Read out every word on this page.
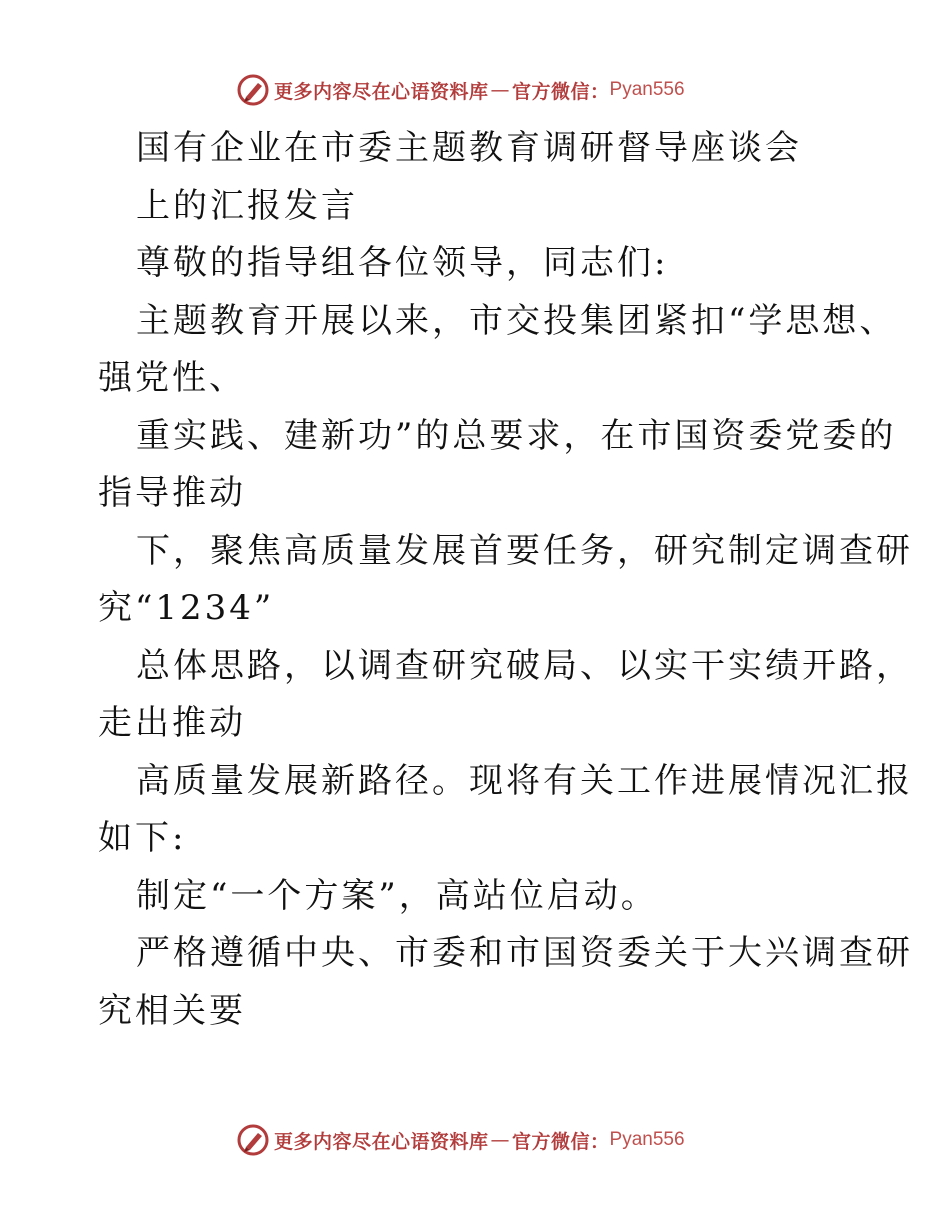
更多内容尽在心语资料库 — 官方微信： Pyan556
国有企业在市委主题教育调研督导座谈会
上的汇报发言
尊敬的指导组各位领导，同志们:
主题教育开展以来，市交投集团紧扣“学思想、
强党性、
重实践、建新功”的总要求，在市国资委党委的
指导推动
下，聚焦高质量发展首要任务，研究制定调查研
究“1234”
总体思路，以调查研究破局、以实干实绩开路，
走出推动
高质量发展新路径。现将有关工作进展情况汇报
如下:
制定“一个方案”，高站位启动。
严格遵循中央、市委和市国资委关于大兴调查研
究相关要
更多内容尽在心语资料库 — 官方微信： Pyan556
